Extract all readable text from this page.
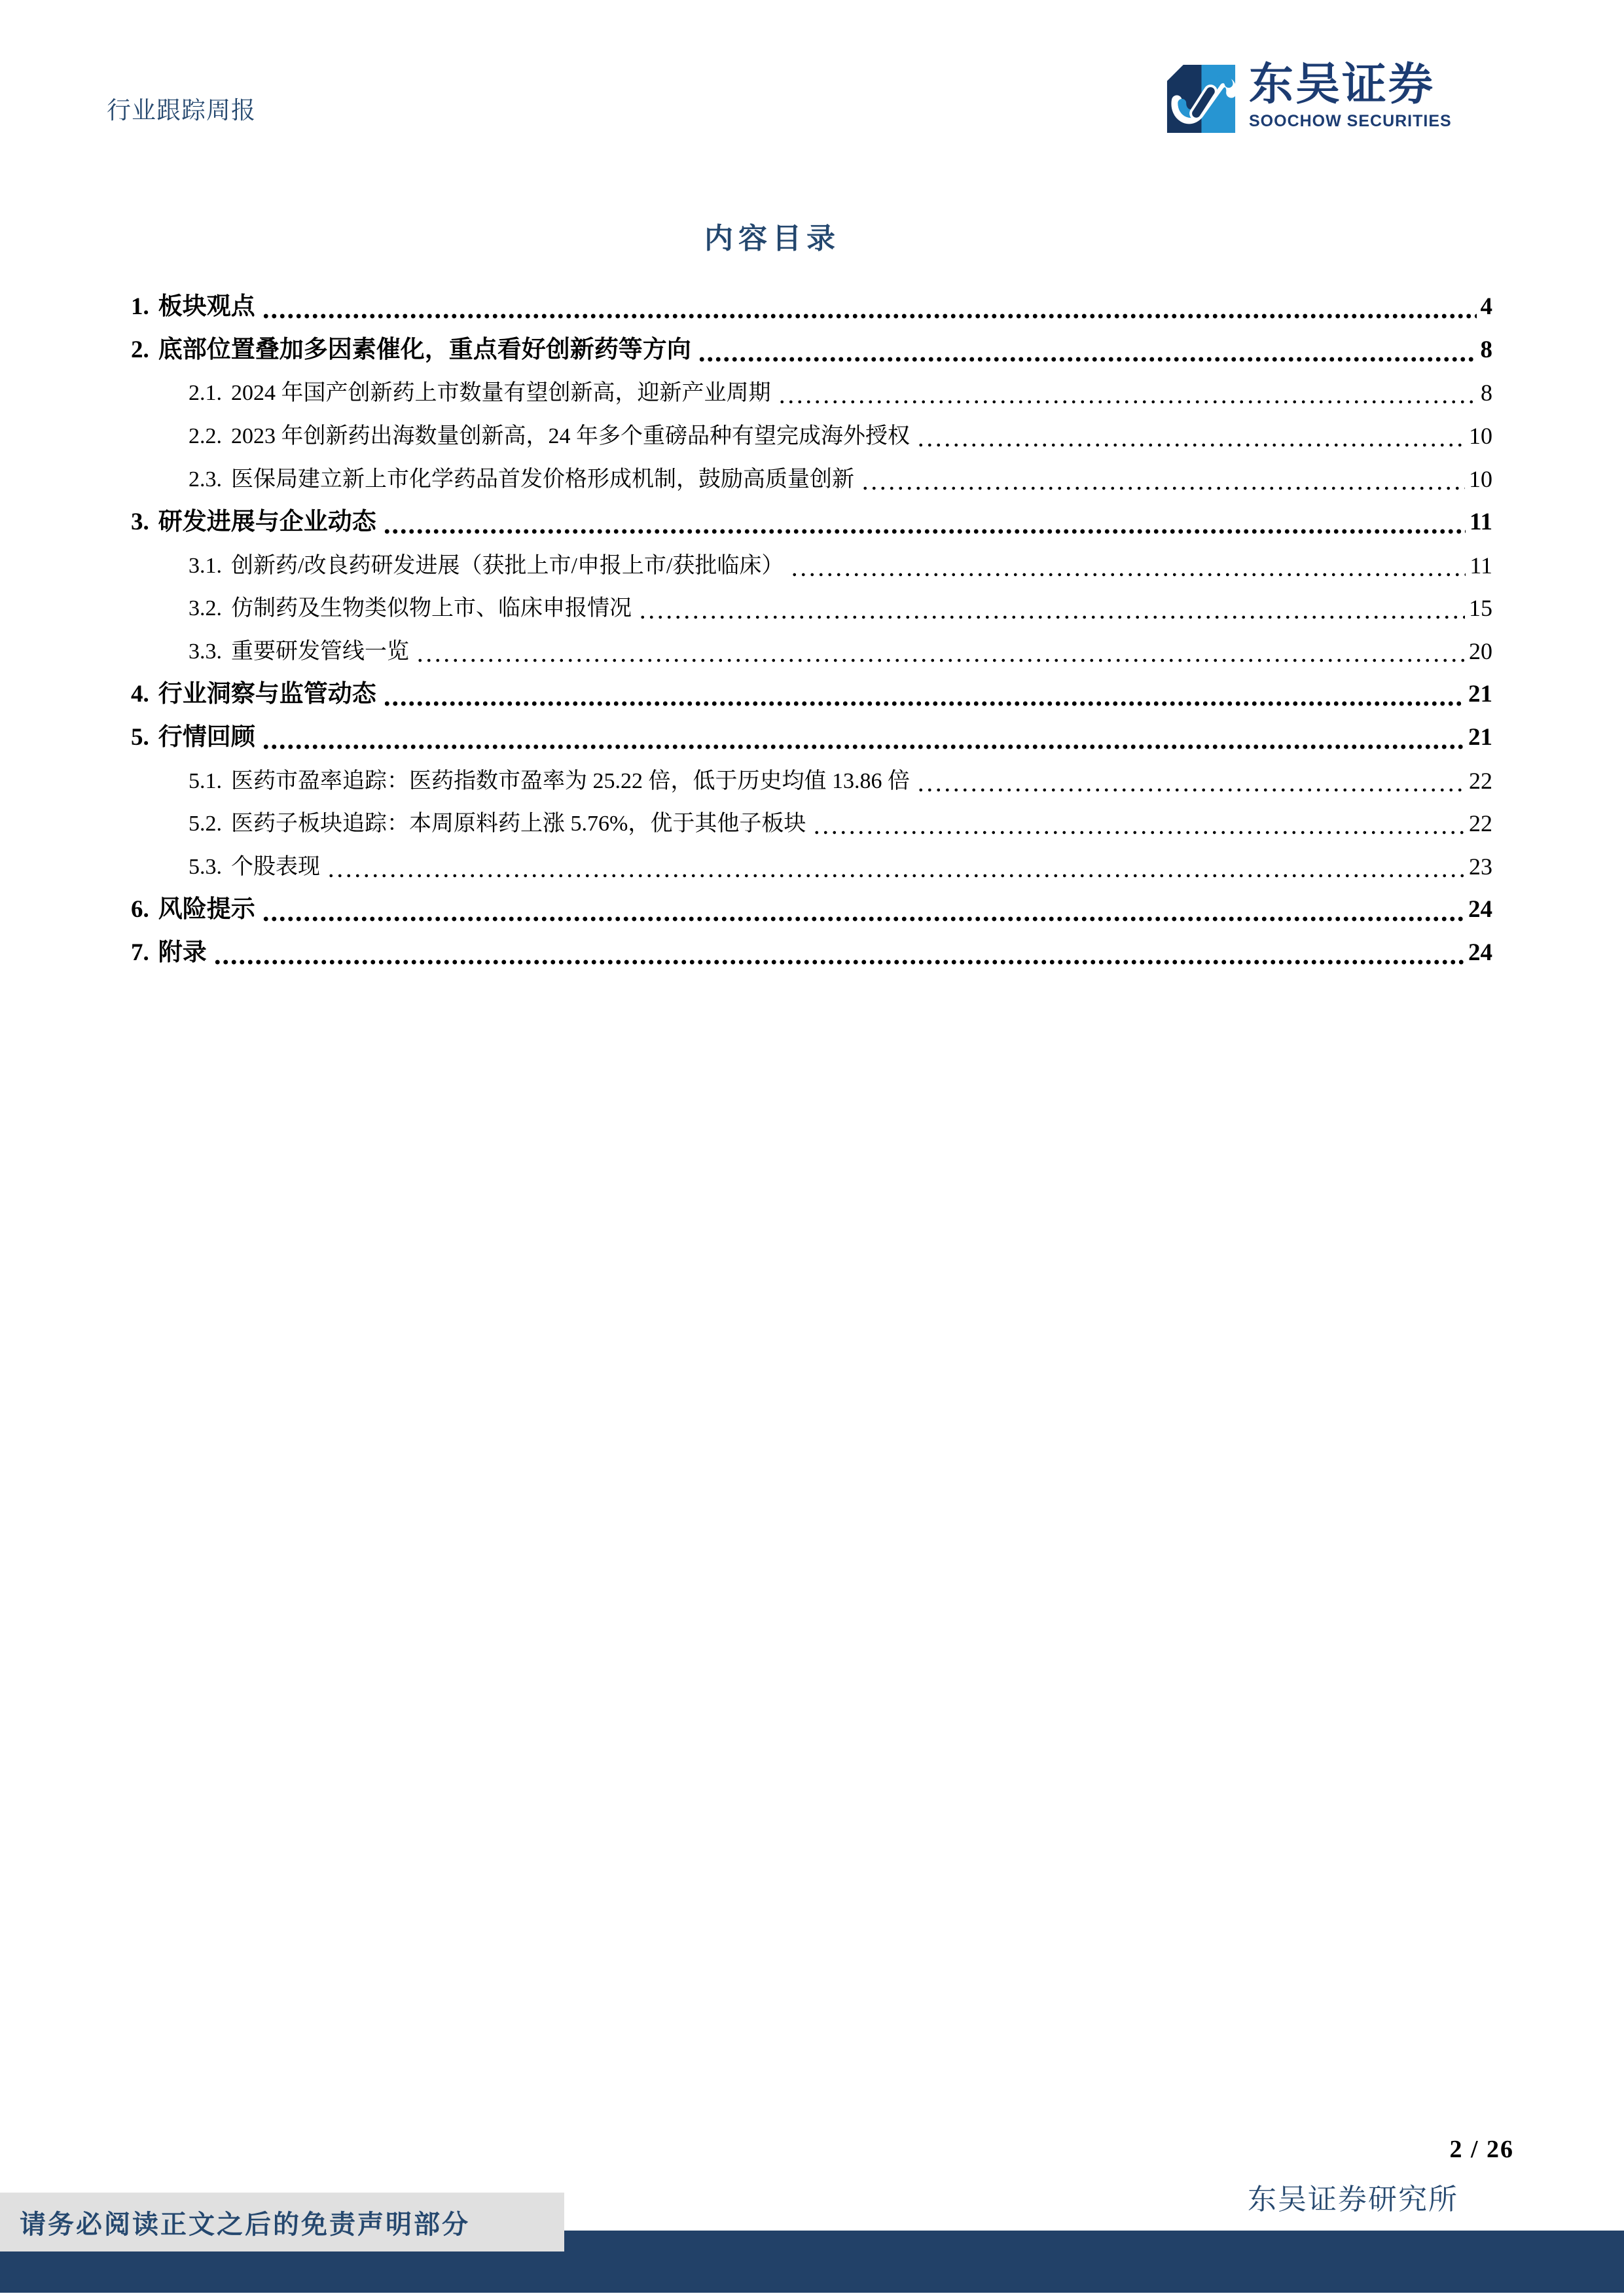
行业跟踪周报
东吴证券
SOOCHOW SECURITIES
内容目录
1. 板块观点	4
2. 底部位置叠加多因素催化，重点看好创新药等方向	8
2.1. 2024 年国产创新药上市数量有望创新高，迎新产业周期	8
2.2. 2023 年创新药出海数量创新高，24 年多个重磅品种有望完成海外授权	10
2.3. 医保局建立新上市化学药品首发价格形成机制，鼓励高质量创新	10
3. 研发进展与企业动态	11
3.1. 创新药/改良药研发进展（获批上市/申报上市/获批临床）	11
3.2. 仿制药及生物类似物上市、临床申报情况	15
3.3. 重要研发管线一览	20
4. 行业洞察与监管动态	21
5. 行情回顾	21
5.1. 医药市盈率追踪：医药指数市盈率为 25.22 倍，低于历史均值 13.86 倍	22
5.2. 医药子板块追踪：本周原料药上涨 5.76%，优于其他子板块	22
5.3. 个股表现	23
6. 风险提示	24
7. 附录	24
2 / 26
东吴证券研究所
请务必阅读正文之后的免责声明部分
